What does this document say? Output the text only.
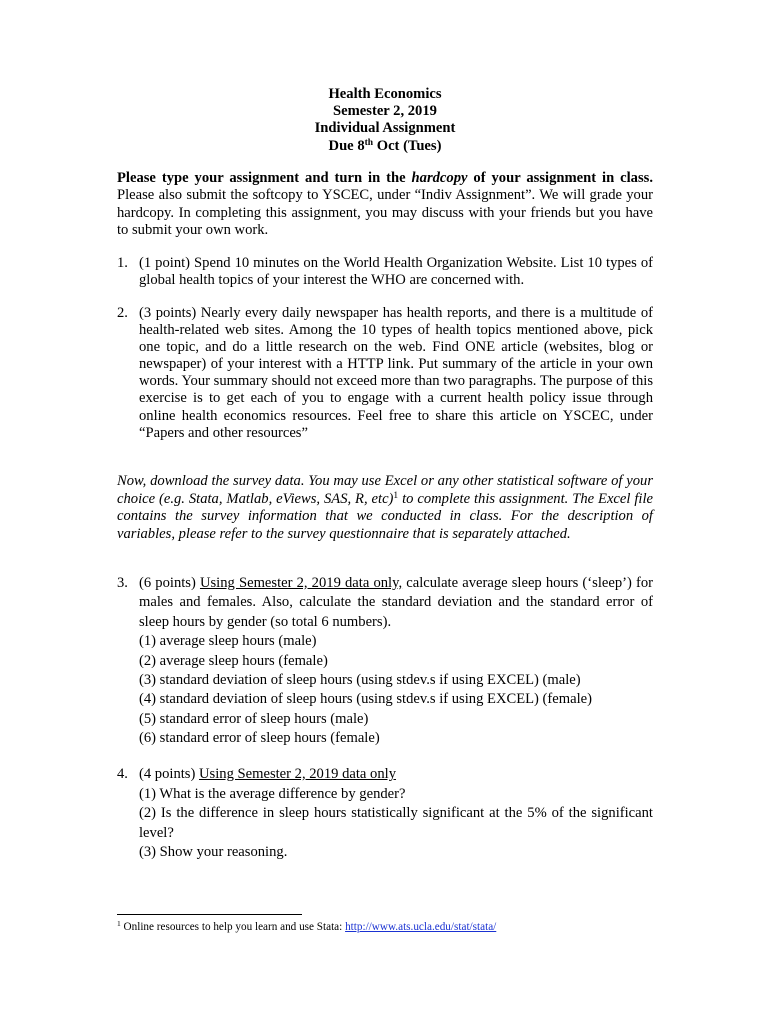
Health Economics
Semester 2, 2019
Individual Assignment
Due 8th Oct (Tues)
Please type your assignment and turn in the hardcopy of your assignment in class. Please also submit the softcopy to YSCEC, under “Indiv Assignment”. We will grade your hardcopy. In completing this assignment, you may discuss with your friends but you have to submit your own work.
1. (1 point) Spend 10 minutes on the World Health Organization Website. List 10 types of global health topics of your interest the WHO are concerned with.
2. (3 points) Nearly every daily newspaper has health reports, and there is a multitude of health-related web sites. Among the 10 types of health topics mentioned above, pick one topic, and do a little research on the web. Find ONE article (websites, blog or newspaper) of your interest with a HTTP link. Put summary of the article in your own words. Your summary should not exceed more than two paragraphs. The purpose of this exercise is to get each of you to engage with a current health policy issue through online health economics resources. Feel free to share this article on YSCEC, under “Papers and other resources”
Now, download the survey data. You may use Excel or any other statistical software of your choice (e.g. Stata, Matlab, eViews, SAS, R, etc)$^1$ to complete this assignment. The Excel file contains the survey information that we conducted in class. For the description of variables, please refer to the survey questionnaire that is separately attached.
3. (6 points) Using Semester 2, 2019 data only, calculate average sleep hours (‘sleep’) for males and females. Also, calculate the standard deviation and the standard error of sleep hours by gender (so total 6 numbers).
(1) average sleep hours (male)
(2) average sleep hours (female)
(3) standard deviation of sleep hours (using stdev.s if using EXCEL) (male)
(4) standard deviation of sleep hours (using stdev.s if using EXCEL) (female)
(5) standard error of sleep hours (male)
(6) standard error of sleep hours (female)
4. (4 points) Using Semester 2, 2019 data only
(1) What is the average difference by gender?
(2) Is the difference in sleep hours statistically significant at the 5% of the significant level?
(3) Show your reasoning.
$^1$ Online resources to help you learn and use Stata: http://www.ats.ucla.edu/stat/stata/
